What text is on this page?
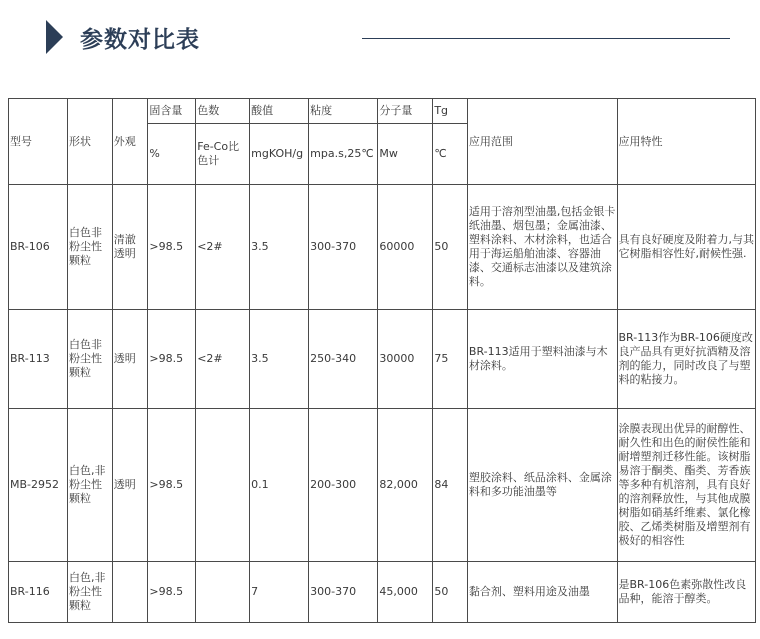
参数对比表
型号	形状	外观	固含量	色数	酸值	粘度	分子量	Tg	应用范围	应用特性
			%	Fe-Co比色计	mgKOH/g	mpa.s,25℃	Mw	℃		
BR-106	白色非粉尘性颗粒	清澈透明	>98.5	<2#	3.5	300-370	60000	50	适用于溶剂型油墨,包括金银卡纸油墨、烟包墨；金属油漆、塑料涂料、木材涂料，也适合用于海运船舶油漆、容器油漆、交通标志油漆以及建筑涂料。	具有良好硬度及附着力,与其它树脂相容性好,耐候性强.
BR-113	白色非粉尘性颗粒	透明	>98.5	<2#	3.5	250-340	30000	75	BR-113适用于塑料油漆与木材涂料。	BR-113作为BR-106硬度改良产品具有更好抗酒精及溶剂的能力，同时改良了与塑料的粘接力。
MB-2952	白色,非粉尘性颗粒	透明	>98.5		0.1	200-300	82,000	84	塑胶涂料、纸品涂料、金属涂料和多功能油墨等	涂膜表现出优异的耐醇性、耐久性和出色的耐侯性能和耐增塑剂迁移性能。该树脂易溶于酮类、酯类、芳香族等多种有机溶剂，具有良好的溶剂释放性，与其他成膜树脂如硝基纤维素、氯化橡胶、乙烯类树脂及增塑剂有极好的相容性
BR-116	白色,非粉尘性颗粒		>98.5		7	300-370	45,000	50	黏合剂、塑料用途及油墨	是BR-106色素弥散性改良品种，能溶于醇类。
